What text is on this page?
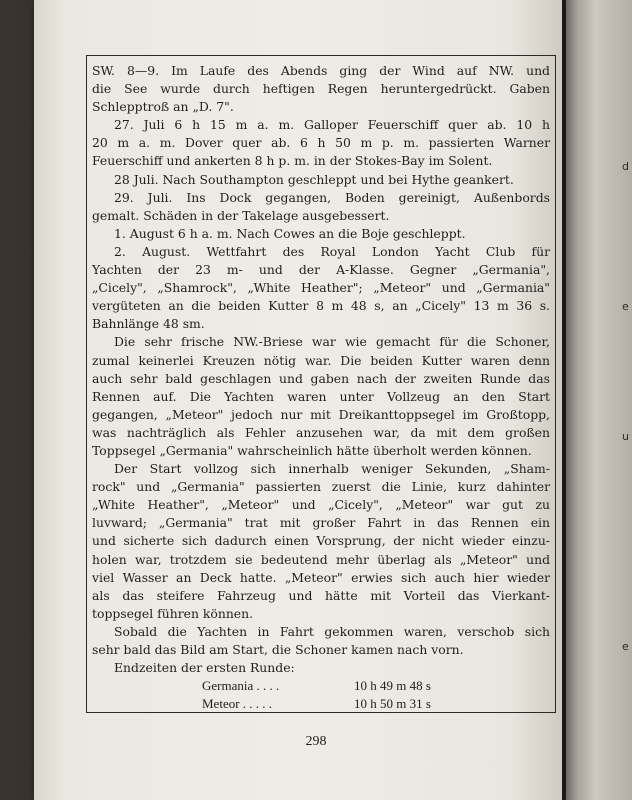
d
e
u
e
SW. 8—9. Im Laufe des Abends ging der Wind auf NW. und
die See wurde durch heftigen Regen heruntergedrückt. Gaben
Schlepptroß an „D. 7".
27. Juli 6 h 15 m a. m. Galloper Feuerschiff quer ab. 10 h
20 m a. m. Dover quer ab. 6 h 50 m p. m. passierten Warner
Feuerschiff und ankerten 8 h p. m. in der Stokes-Bay im Solent.
28 Juli. Nach Southampton geschleppt und bei Hythe geankert.
29. Juli. Ins Dock gegangen, Boden gereinigt, Außenbords
gemalt. Schäden in der Takelage ausgebessert.
1. August 6 h a. m. Nach Cowes an die Boje geschleppt.
2. August. Wettfahrt des Royal London Yacht Club für
Yachten der 23 m- und der A-Klasse. Gegner „Germania",
„Cicely", „Shamrock", „White Heather"; „Meteor" und „Germania"
vergüteten an die beiden Kutter 8 m 48 s, an „Cicely" 13 m 36 s.
Bahnlänge 48 sm.
Die sehr frische NW.-Briese war wie gemacht für die Schoner,
zumal keinerlei Kreuzen nötig war. Die beiden Kutter waren denn
auch sehr bald geschlagen und gaben nach der zweiten Runde das
Rennen auf. Die Yachten waren unter Vollzeug an den Start
gegangen, „Meteor" jedoch nur mit Dreikanttoppsegel im Großtopp,
was nachträglich als Fehler anzusehen war, da mit dem großen
Toppsegel „Germania" wahrscheinlich hätte überholt werden können.
Der Start vollzog sich innerhalb weniger Sekunden, „Sham-
rock" und „Germania" passierten zuerst die Linie, kurz dahinter
„White Heather", „Meteor" und „Cicely", „Meteor" war gut zu
luvward; „Germania" trat mit großer Fahrt in das Rennen ein
und sicherte sich dadurch einen Vorsprung, der nicht wieder einzu-
holen war, trotzdem sie bedeutend mehr überlag als „Meteor" und
viel Wasser an Deck hatte. „Meteor" erwies sich auch hier wieder
als das steifere Fahrzeug und hätte mit Vorteil das Vierkant-
toppsegel führen können.
Sobald die Yachten in Fahrt gekommen waren, verschob sich
sehr bald das Bild am Start, die Schoner kamen nach vorn.
Endzeiten der ersten Runde:
Germania . . . .	10 h 49 m 48 s
Meteor . . . . .	10 h 50 m 31 s
298
